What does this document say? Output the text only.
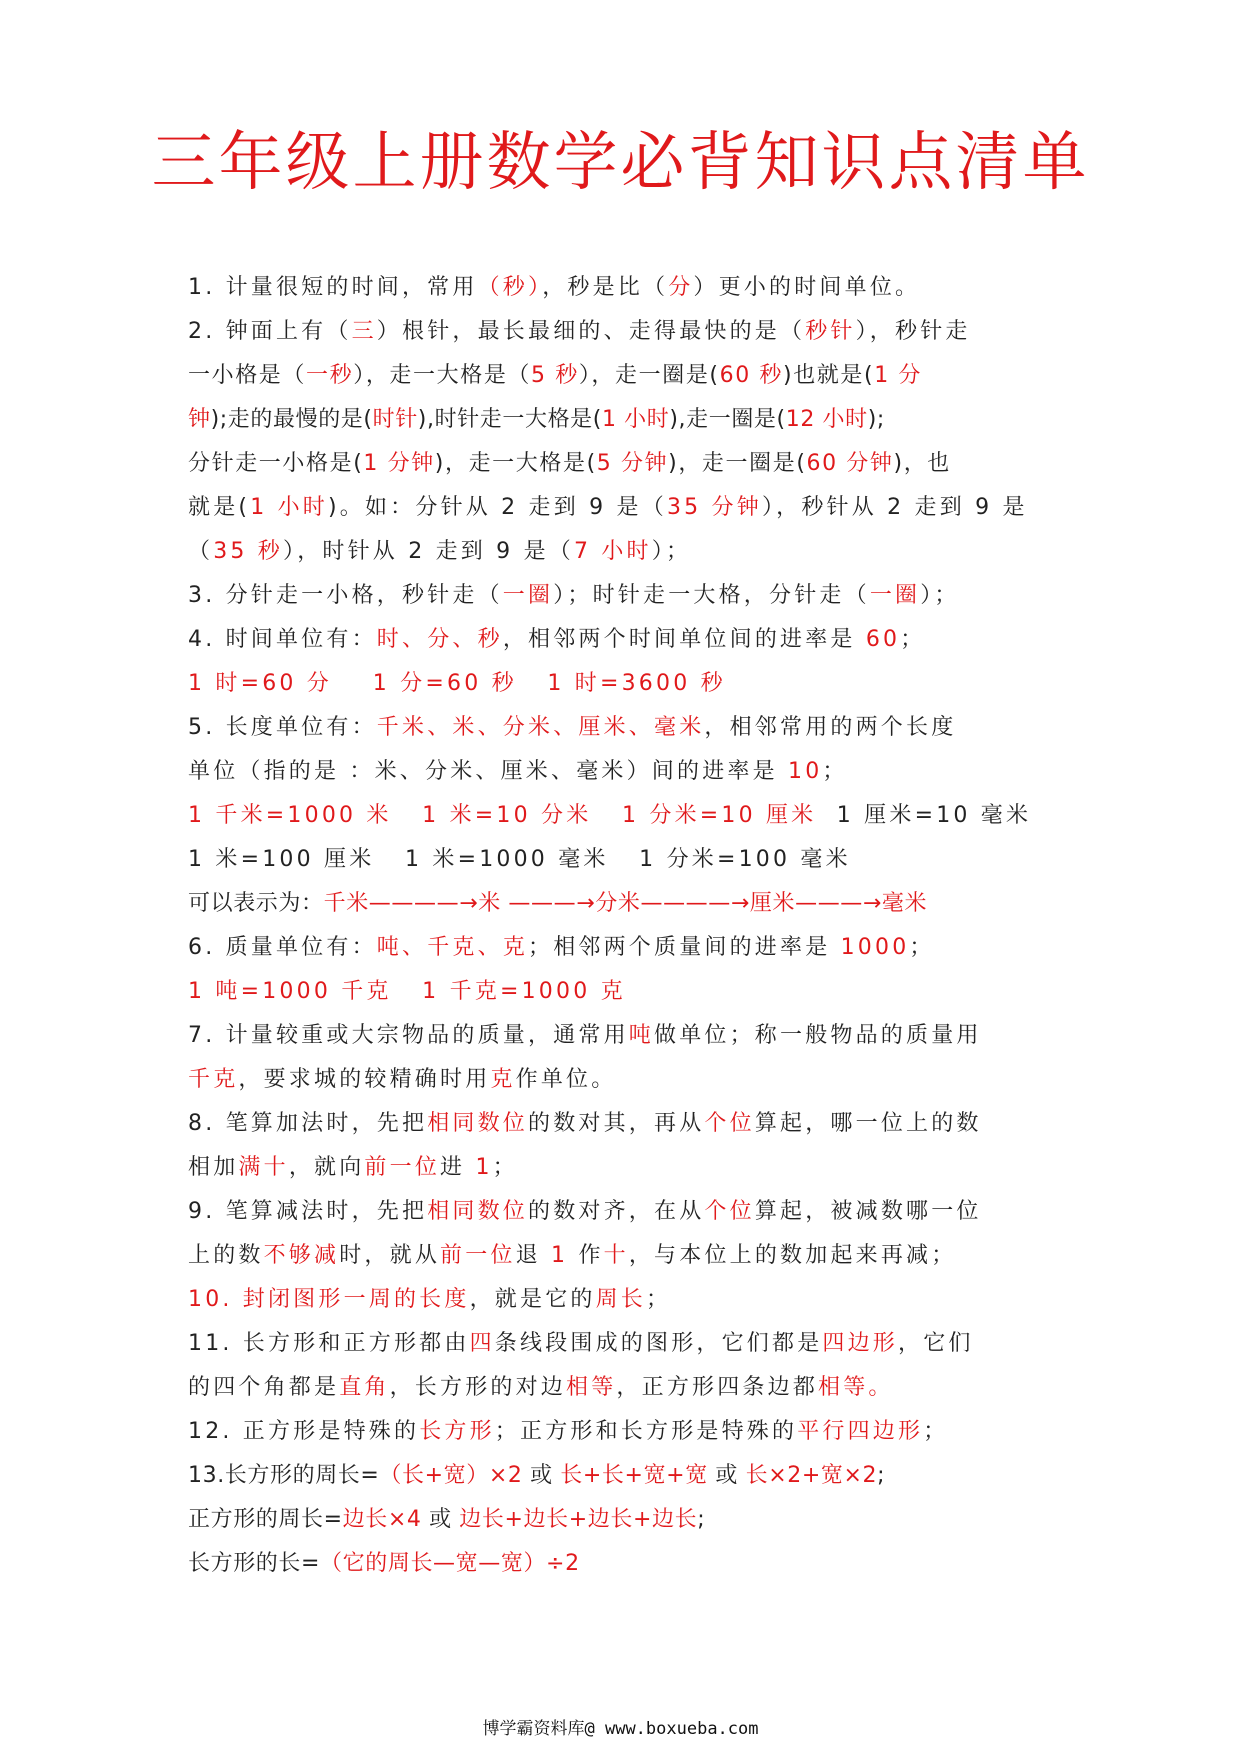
三年级上册数学必背知识点清单
1. 计量很短的时间，常用（秒），秒是比（分）更小的时间单位。
2. 钟面上有（三）根针，最长最细的、走得最快的是（秒针），秒针走
一小格是（一秒），走一大格是（5 秒），走一圈是(60 秒)也就是(1 分
钟);走的最慢的是(时针),时针走一大格是(1 小时),走一圈是(12 小时);
分针走一小格是(1 分钟)，走一大格是(5 分钟)，走一圈是(60 分钟)，也
就是(1 小时)。如：分针从 2 走到 9 是（35 分钟），秒针从 2 走到 9 是
（35 秒），时针从 2 走到 9 是（7 小时）；
3. 分针走一小格，秒针走（一圈）；时针走一大格，分针走（一圈）；
4. 时间单位有：时、分、秒，相邻两个时间单位间的进率是 60；
1 时=60 分    1 分=60 秒   1 时=3600 秒
5. 长度单位有：千米、米、分米、厘米、毫米，相邻常用的两个长度
单位（指的是 ：米、分米、厘米、毫米）间的进率是 10；
1 千米=1000 米   1 米=10 分米   1 分米=10 厘米  1 厘米=10 毫米
1 米=100 厘米   1 米=1000 毫米   1 分米=100 毫米
可以表示为：千米————→米 ———→分米————→厘米———→毫米
6. 质量单位有：吨、千克、克；相邻两个质量间的进率是 1000；
1 吨=1000 千克   1 千克=1000 克
7. 计量较重或大宗物品的质量，通常用吨做单位；称一般物品的质量用
千克，要求城的较精确时用克作单位。
8. 笔算加法时，先把相同数位的数对其，再从个位算起，哪一位上的数
相加满十，就向前一位进 1；
9. 笔算减法时，先把相同数位的数对齐，在从个位算起，被减数哪一位
上的数不够减时，就从前一位退 1 作十，与本位上的数加起来再减；
10. 封闭图形一周的长度，就是它的周长；
11. 长方形和正方形都由四条线段围成的图形，它们都是四边形，它们
的四个角都是直角，长方形的对边相等，正方形四条边都相等。
12. 正方形是特殊的长方形；正方形和长方形是特殊的平行四边形；
13.长方形的周长=（长+宽）×2 或 长+长+宽+宽 或 长×2+宽×2;
正方形的周长=边长×4 或 边长+边长+边长+边长;
长方形的长=（它的周长—宽—宽）÷2
博学霸资料库@ www.boxueba.com
